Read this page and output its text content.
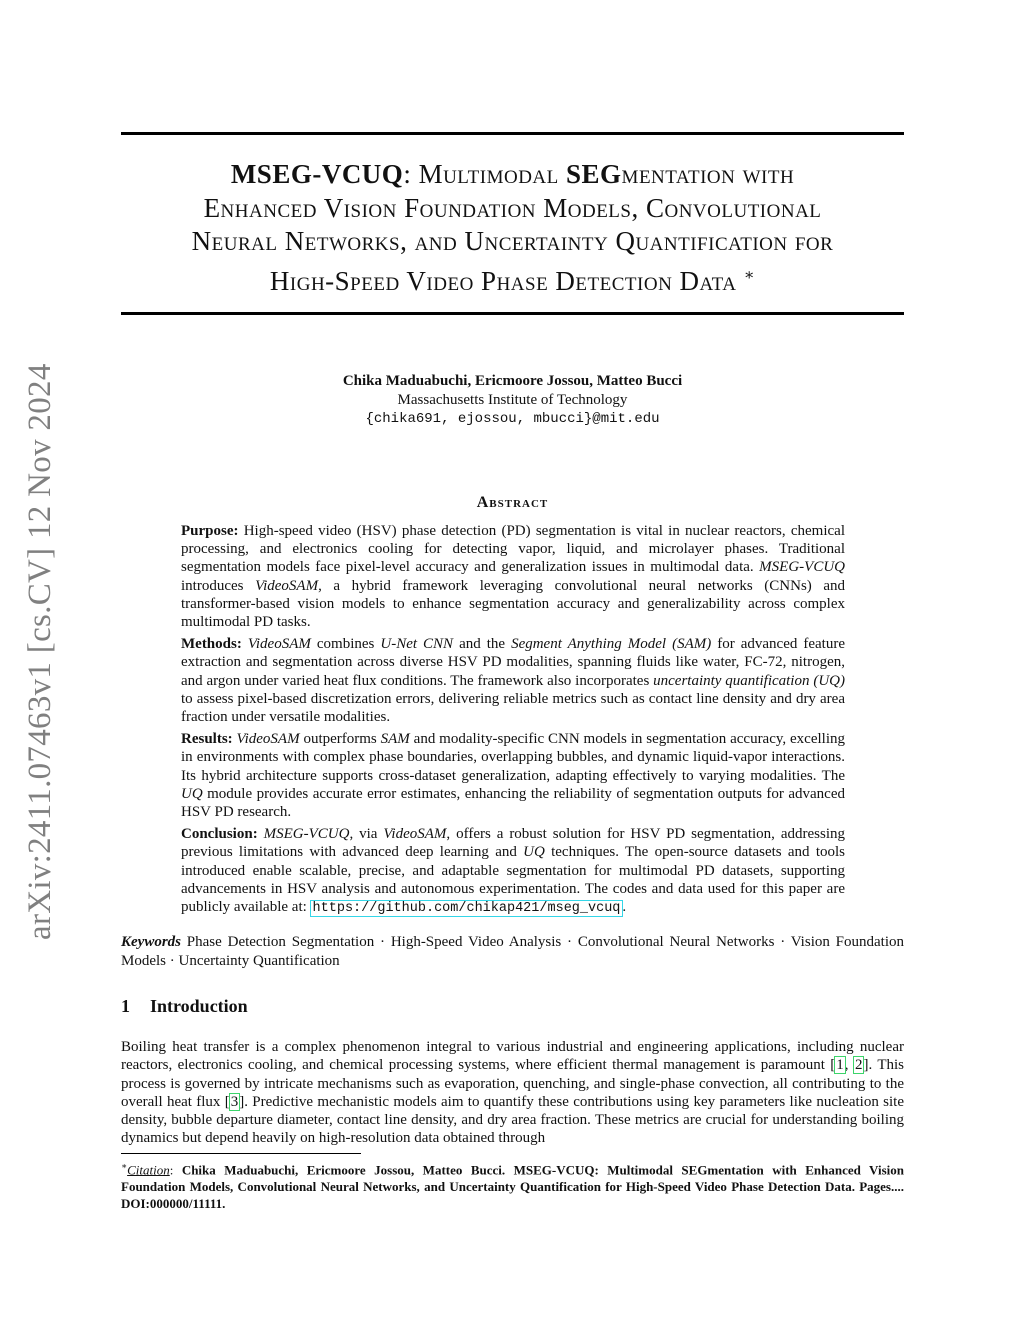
arXiv:2411.07463v1 [cs.CV] 12 Nov 2024
MSEG-VCUQ: Multimodal SEGmentation with
Enhanced Vision Foundation Models, Convolutional
Neural Networks, and Uncertainty Quantification for
High-Speed Video Phase Detection Data ∗
Chika Maduabuchi, Ericmoore Jossou, Matteo Bucci
Massachusetts Institute of Technology
{chika691, ejossou, mbucci}@mit.edu
Abstract

Purpose: High-speed video (HSV) phase detection (PD) segmentation is vital in nuclear reactors, chemical processing, and electronics cooling for detecting vapor, liquid, and microlayer phases. Traditional segmentation models face pixel-level accuracy and generalization issues in multimodal data. MSEG-VCUQ introduces VideoSAM, a hybrid framework leveraging convolutional neural networks (CNNs) and transformer-based vision models to enhance segmentation accuracy and generalizability across complex multimodal PD tasks.

Methods: VideoSAM combines U-Net CNN and the Segment Anything Model (SAM) for advanced feature extraction and segmentation across diverse HSV PD modalities, spanning fluids like water, FC-72, nitrogen, and argon under varied heat flux conditions. The framework also incorporates uncertainty quantification (UQ) to assess pixel-based discretization errors, delivering reliable metrics such as contact line density and dry area fraction under versatile modalities.

Results: VideoSAM outperforms SAM and modality-specific CNN models in segmentation accuracy, excelling in environments with complex phase boundaries, overlapping bubbles, and dynamic liquid-vapor interactions. Its hybrid architecture supports cross-dataset generalization, adapting effectively to varying modalities. The UQ module provides accurate error estimates, enhancing the reliability of segmentation outputs for advanced HSV PD research.

Conclusion: MSEG-VCUQ, via VideoSAM, offers a robust solution for HSV PD segmentation, addressing previous limitations with advanced deep learning and UQ techniques. The open-source datasets and tools introduced enable scalable, precise, and adaptable segmentation for multimodal PD datasets, supporting advancements in HSV analysis and autonomous experimentation. The codes and data used for this paper are publicly available at: https://github.com/chikap421/mseg_vcuq .

Keywords Phase Detection Segmentation · High-Speed Video Analysis · Convolutional Neural Networks · Vision Foundation Models · Uncertainty Quantification
1 Introduction
Boiling heat transfer is a complex phenomenon integral to various industrial and engineering applications, including nuclear reactors, electronics cooling, and chemical processing systems, where efficient thermal management is paramount [1, 2]. This process is governed by intricate mechanisms such as evaporation, quenching, and single-phase convection, all contributing to the overall heat flux [3]. Predictive mechanistic models aim to quantify these contributions using key parameters like nucleation site density, bubble departure diameter, contact line density, and dry area fraction. These metrics are crucial for understanding boiling dynamics but depend heavily on high-resolution data obtained through
∗Citation: Chika Maduabuchi, Ericmoore Jossou, Matteo Bucci. MSEG-VCUQ: Multimodal SEGmentation with Enhanced Vision Foundation Models, Convolutional Neural Networks, and Uncertainty Quantification for High-Speed Video Phase Detection Data. Pages.... DOI:000000/11111.
